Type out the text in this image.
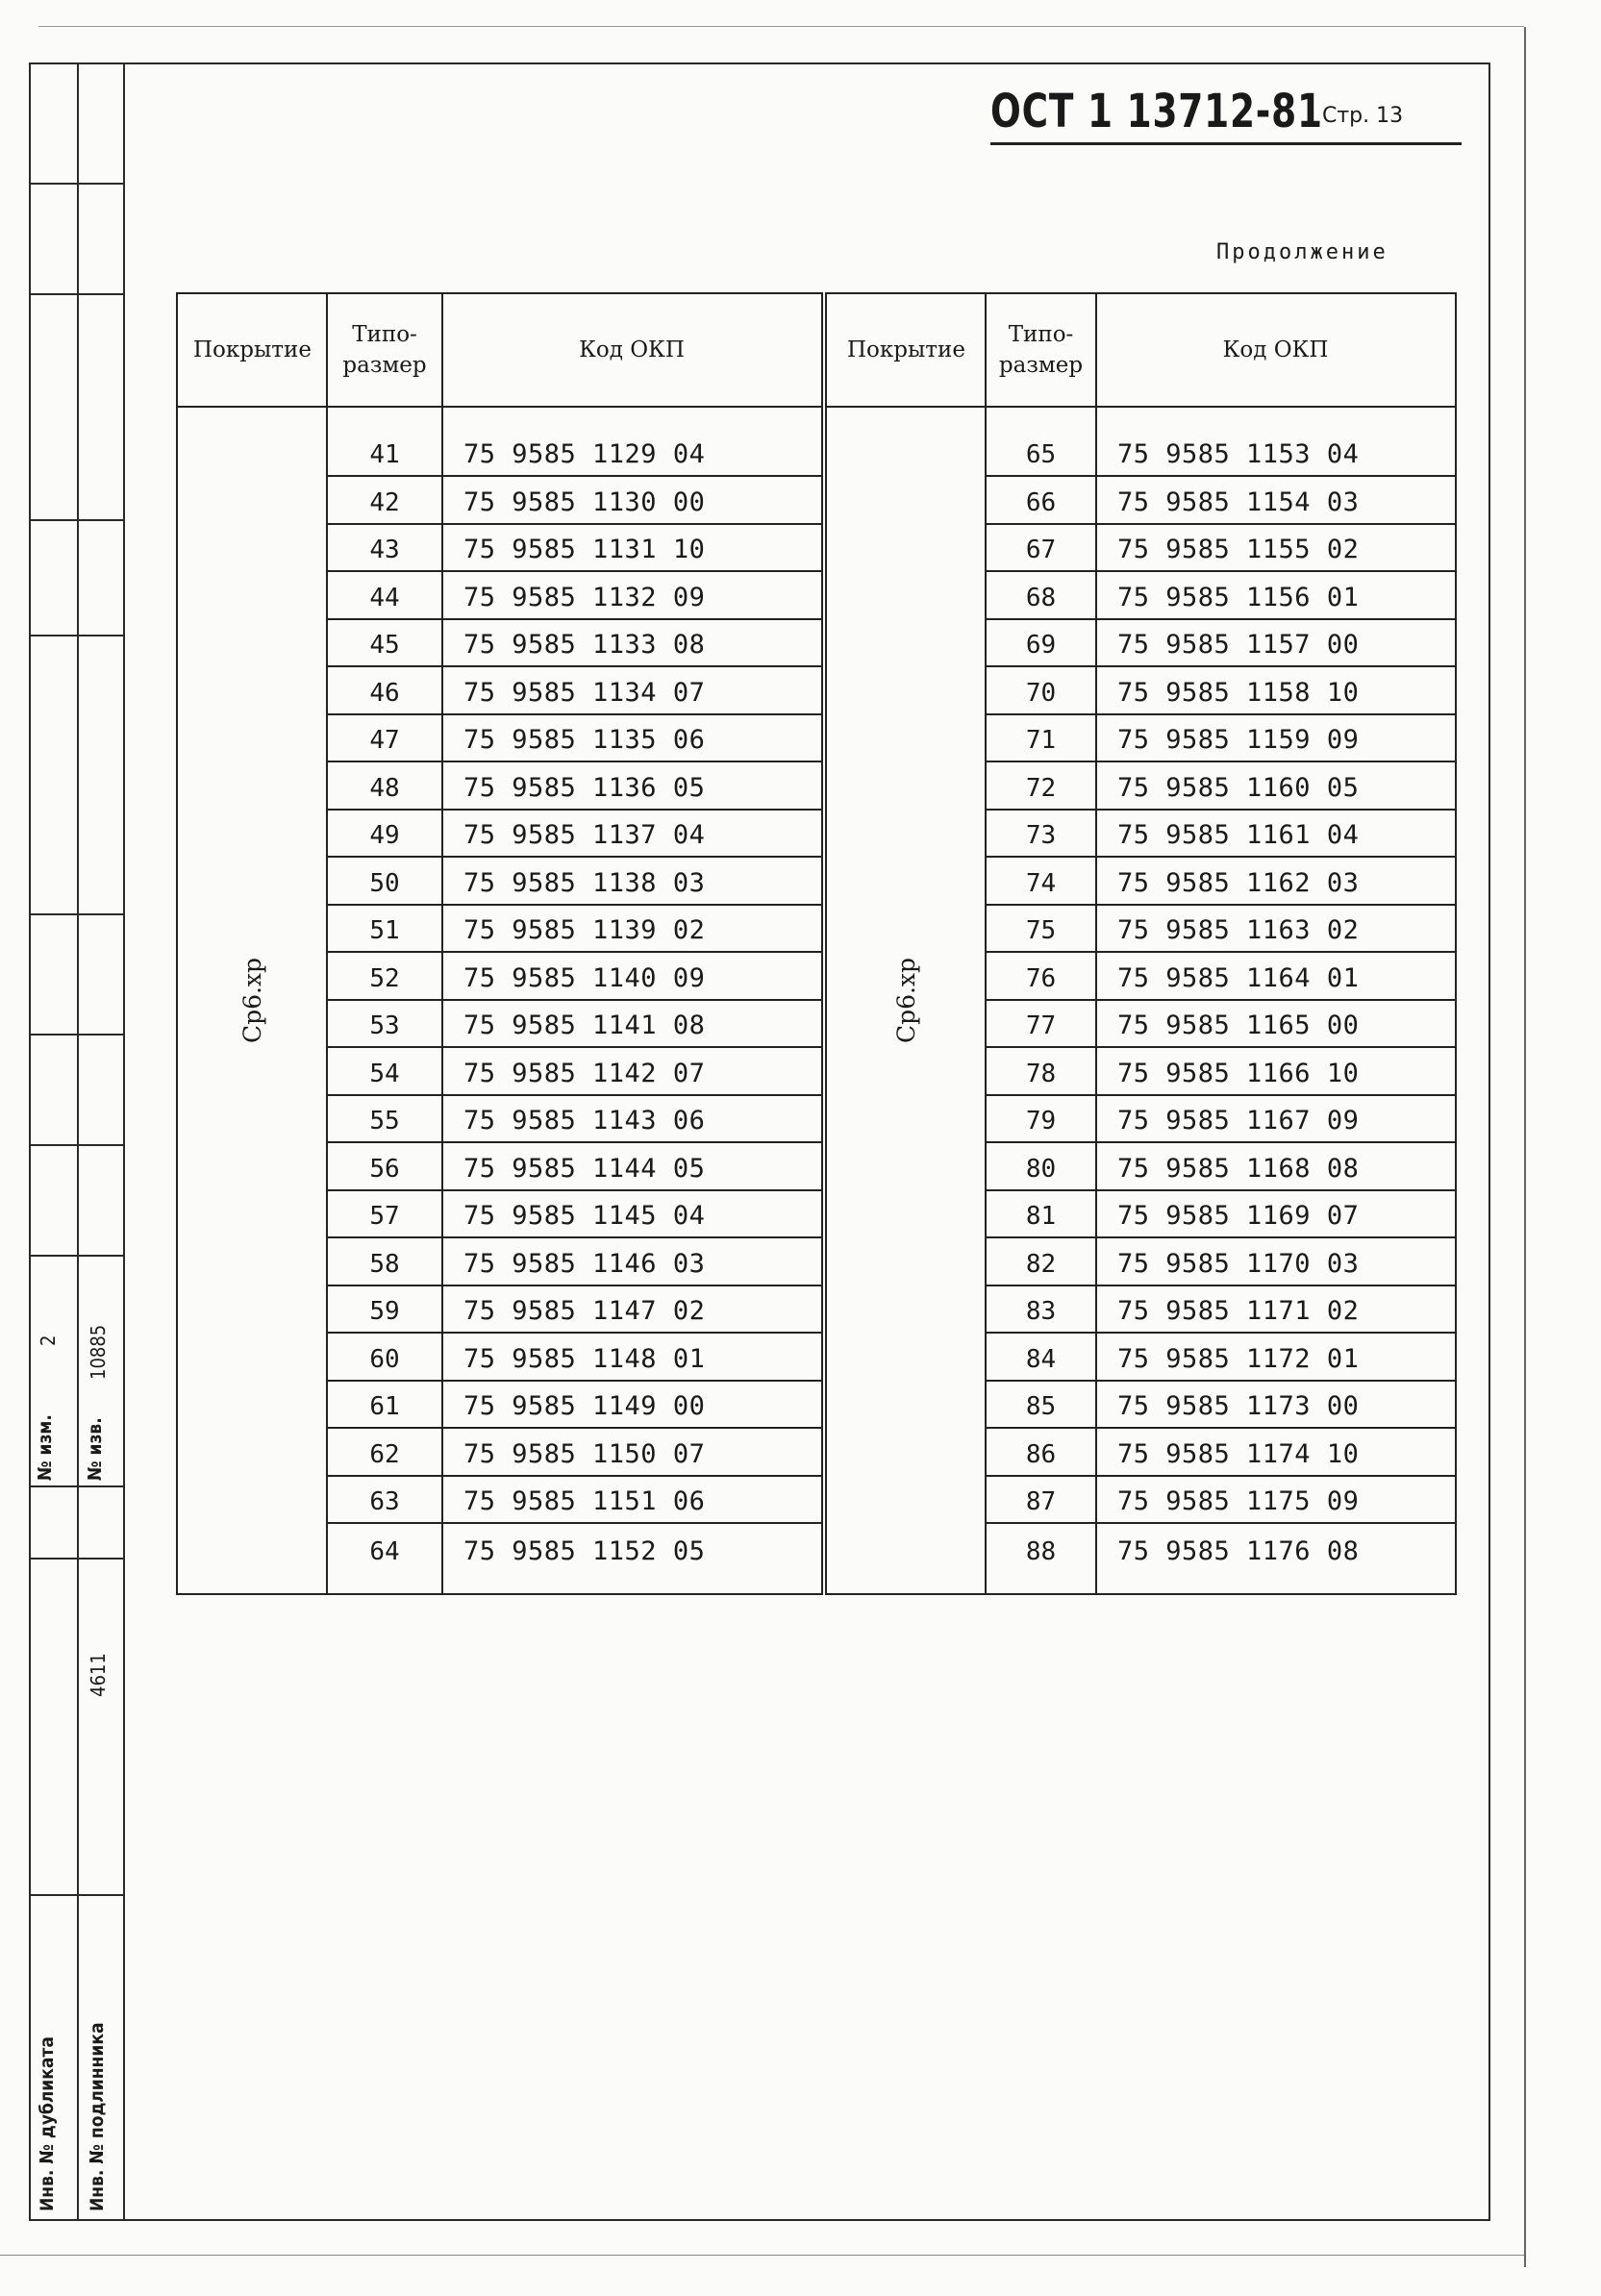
2
№ изм.
10885
№ изв.
4611
Инв. № дубликата Инв. № подлинника
ОСТ 1 13712-81 Стр. 13
Продолжение
Покрытие
Типо-
размер
Код ОКП
Ср6.хр
41	75 9585 1129 04
42	75 9585 1130 00
43	75 9585 1131 10
44	75 9585 1132 09
45	75 9585 1133 08
46	75 9585 1134 07
47	75 9585 1135 06
48	75 9585 1136 05
49	75 9585 1137 04
50	75 9585 1138 03
51	75 9585 1139 02
52	75 9585 1140 09
53	75 9585 1141 08
54	75 9585 1142 07
55	75 9585 1143 06
56	75 9585 1144 05
57	75 9585 1145 04
58	75 9585 1146 03
59	75 9585 1147 02
60	75 9585 1148 01
61	75 9585 1149 00
62	75 9585 1150 07
63	75 9585 1151 06
64	75 9585 1152 05
Покрытие
Типо-
размер
Код ОКП
Ср6.хр
65	75 9585 1153 04
66	75 9585 1154 03
67	75 9585 1155 02
68	75 9585 1156 01
69	75 9585 1157 00
70	75 9585 1158 10
71	75 9585 1159 09
72	75 9585 1160 05
73	75 9585 1161 04
74	75 9585 1162 03
75	75 9585 1163 02
76	75 9585 1164 01
77	75 9585 1165 00
78	75 9585 1166 10
79	75 9585 1167 09
80	75 9585 1168 08
81	75 9585 1169 07
82	75 9585 1170 03
83	75 9585 1171 02
84	75 9585 1172 01
85	75 9585 1173 00
86	75 9585 1174 10
87	75 9585 1175 09
88	75 9585 1176 08
